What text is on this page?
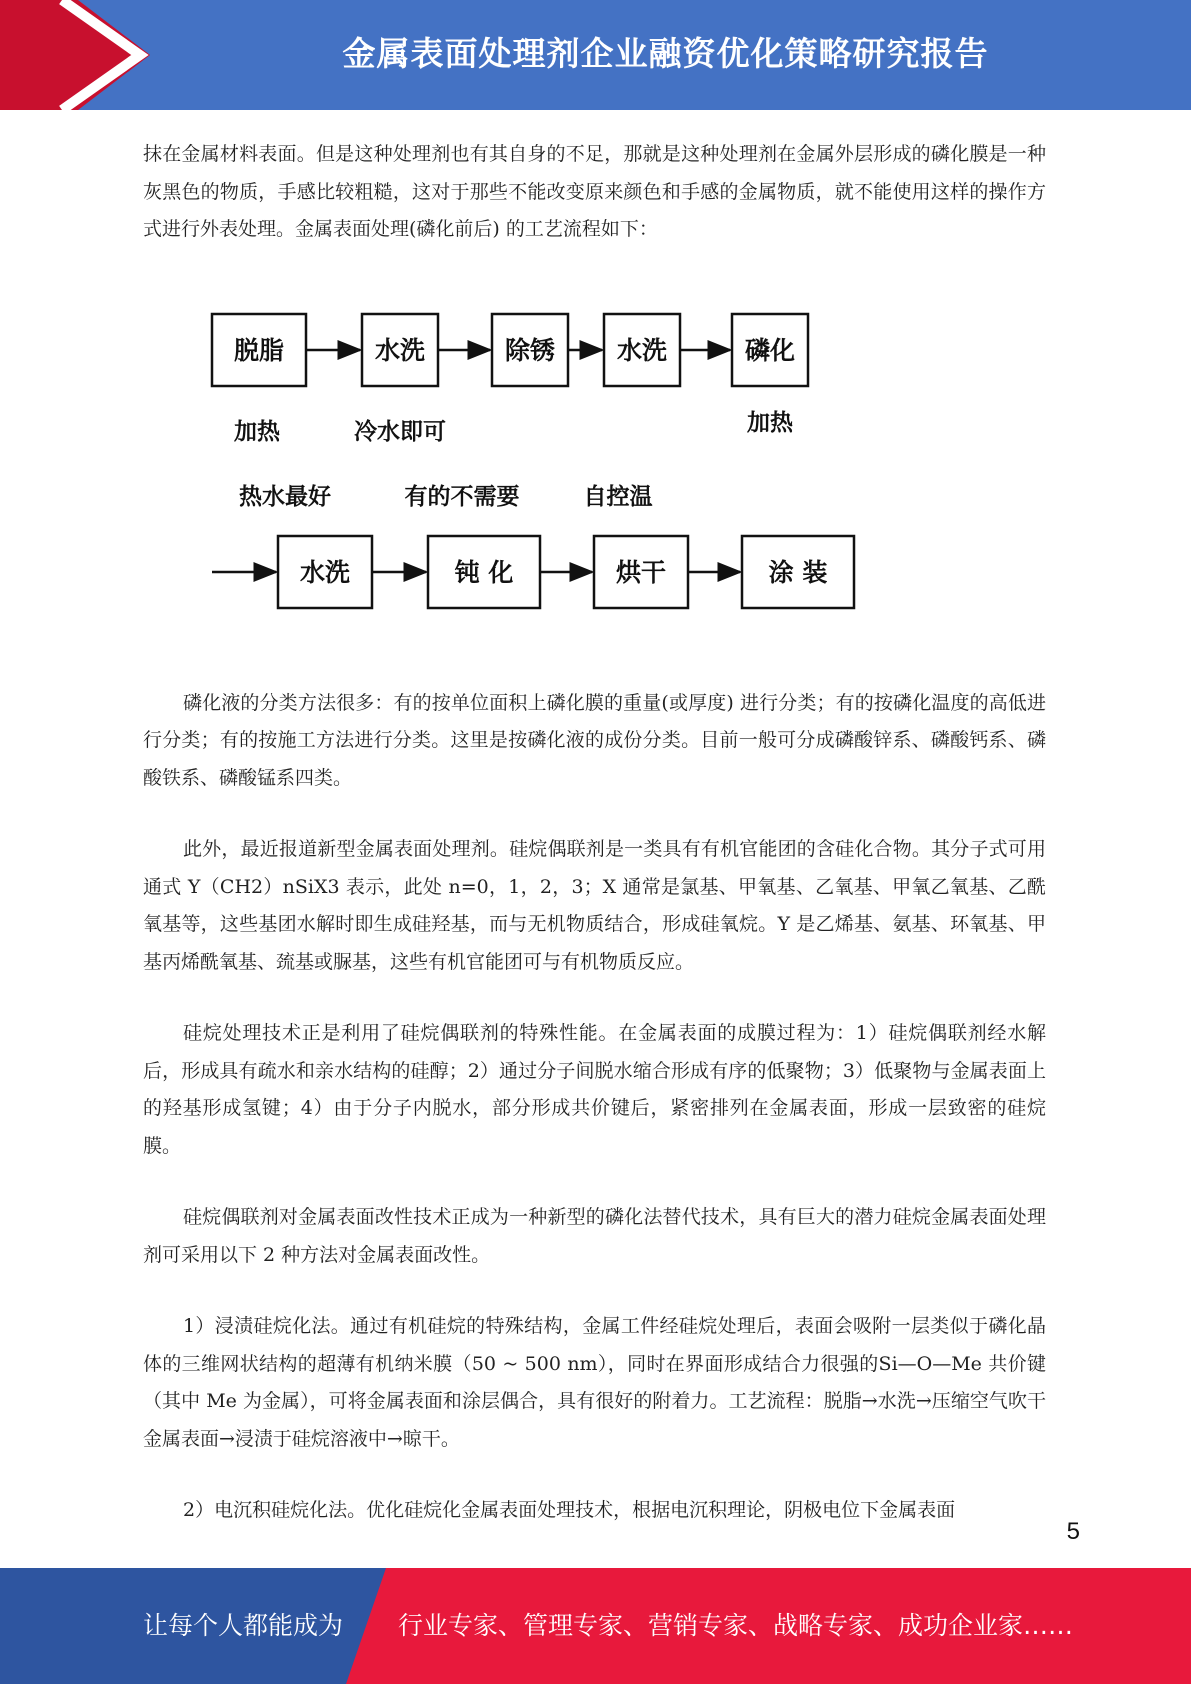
金属表面处理剂企业融资优化策略研究报告

抹在金属材料表面。但是这种处理剂也有其自身的不足，那就是这种处理剂在金属外层形成的磷化膜是一种灰黑色的物质，手感比较粗糙，这对于那些不能改变原来颜色和手感的金属物质，就不能使用这样的操作方式进行外表处理。金属表面处理(磷化前后) 的工艺流程如下：

磷化液的分类方法很多：有的按单位面积上磷化膜的重量(或厚度) 进行分类；有的按磷化温度的高低进行分类；有的按施工方法进行分类。这里是按磷化液的成份分类。目前一般可分成磷酸锌系、磷酸钙系、磷酸铁系、磷酸锰系四类。

此外，最近报道新型金属表面处理剂。硅烷偶联剂是一类具有有机官能团的含硅化合物。其分子式可用通式 Y（CH2）nSiX3 表示，此处 n=0，1，2，3；X 通常是氯基、甲氧基、乙氧基、甲氧乙氧基、乙酰氧基等，这些基团水解时即生成硅羟基，而与无机物质结合，形成硅氧烷。Y 是乙烯基、氨基、环氧基、甲基丙烯酰氧基、巯基或脲基，这些有机官能团可与有机物质反应。

硅烷处理技术正是利用了硅烷偶联剂的特殊性能。在金属表面的成膜过程为：1）硅烷偶联剂经水解后，形成具有疏水和亲水结构的硅醇；2）通过分子间脱水缩合形成有序的低聚物；3）低聚物与金属表面上的羟基形成氢键；4）由于分子内脱水，部分形成共价键后，紧密排列在金属表面，形成一层致密的硅烷膜。

硅烷偶联剂对金属表面改性技术正成为一种新型的磷化法替代技术，具有巨大的潜力硅烷金属表面处理剂可采用以下 2 种方法对金属表面改性。

1）浸渍硅烷化法。通过有机硅烷的特殊结构，金属工件经硅烷处理后，表面会吸附一层类似于磷化晶体的三维网状结构的超薄有机纳米膜（50 ~ 500 nm），同时在界面形成结合力很强的Si—O—Me 共价键（其中 Me 为金属），可将金属表面和涂层偶合，具有很好的附着力。工艺流程：脱脂→水洗→压缩空气吹干金属表面→浸渍于硅烷溶液中→晾干。

2）电沉积硅烷化法。优化硅烷化金属表面处理技术，根据电沉积理论，阴极电位下金属表面

脱脂	水洗	除锈 水洗	磷化
加热	冷水即可	加热
热水最好	有的不需要	自控温
水洗	钝 化	烘干	涂 装
5
让每个人都能成为 行业专家、管理专家、营销专家、战略专家、成功企业家……
